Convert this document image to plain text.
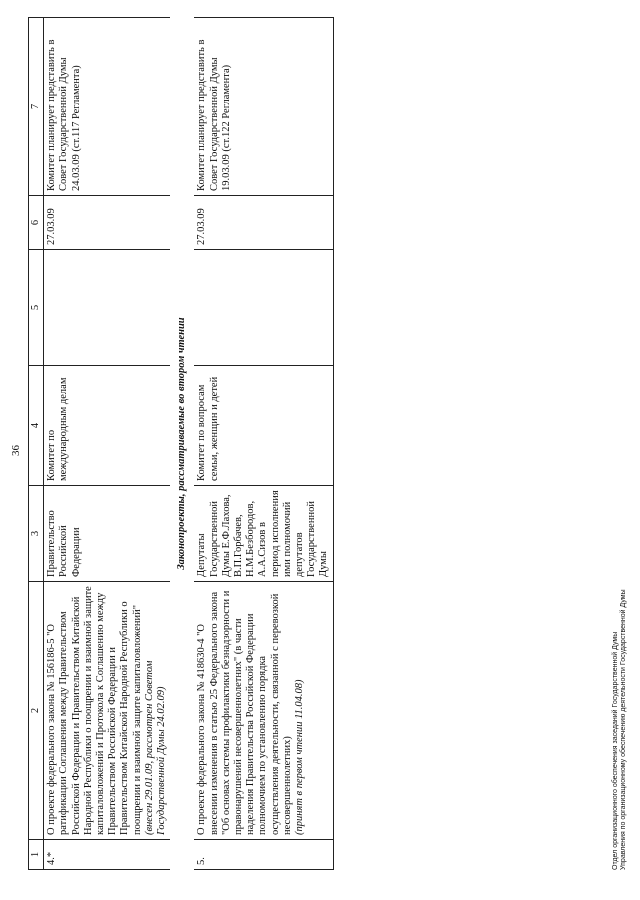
36
1	2	3	4	5	6	7
4.*	О проекте федерального закона № 156186-5 "О ратификации Соглашения между Правительством Российской Федерации и Правительством Китайской Народной Республики о поощрении и взаимной защите капиталовложений и Протокола к Соглашению между Правительством Российской Федерации и Правительством Китайской Народной Республики о поощрении и взаимной защите капиталовложений" (внесен 29.01.09, рассмотрен Советом Государственной Думы 24.02.09)	Правительство Российской Федерации	Комитет по международным делам		27.03.09	Комитет планирует представить в Совет Государственной Думы 24.03.09 (ст.117 Регламента)
Законопроекты, рассматриваемые во втором чтении						
5.	О проекте федерального закона № 418630-4 "О внесении изменения в статью 25 Федерального закона "Об основах системы профилактики безнадзорности и правонарушений несовершеннолетних" (в части наделения Правительства Российской Федерации полномочием по установлению порядка осуществления деятельности, связанной с перевозкой несовершеннолетних) (принят в первом чтении 11.04.08)	Депутаты Государственной Думы Е.Ф.Лахова, В.П.Горбачев, Н.М.Безбородов, А.А.Сизов в период исполнения ими полномочий депутатов Государственной Думы	Комитет по вопросам семьи, женщин и детей		27.03.09	Комитет планирует представить в Совет Государственной Думы 19.03.09 (ст.122 Регламента)
Отдел организационного обеспечения заседаний Государственной Думы Управления по организационному обеспечению деятельности Государственной Думы
